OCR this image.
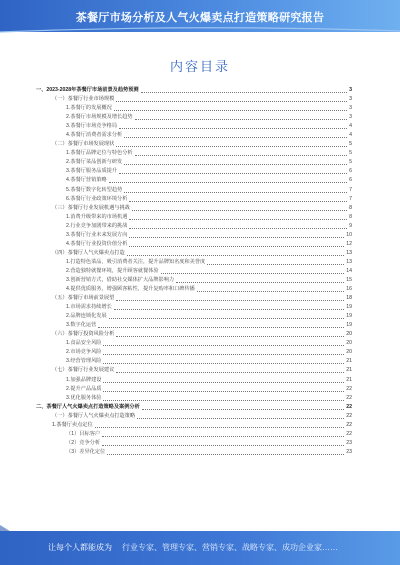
茶餐厅市场分析及人气火爆卖点打造策略研究报告
内容目录
一、2023-2028年茶餐厅市场前景及趋势预测	3
（一）茶餐厅行业市场规模	3
1.茶餐厅的发展概况	3
2.茶餐厅市场规模及增长趋势	3
3.茶餐厅市场竞争格局	4
4.茶餐厅消费者需求分析	4
（二）茶餐厅市场发展现状	5
1.茶餐厅品牌定位与特色分析	5
2.茶餐厅菜品创新与研发	5
3.茶餐厅服务品质提升	6
4.茶餐厅营销策略	6
5.茶餐厅数字化转型趋势	7
6.茶餐厅行业政策环境分析	7
（三）茶餐厅行业发展机遇与挑战	8
1.消费升级带来的市场机遇	8
2.行业竞争加剧带来的挑战	9
3.茶餐厅行业未来发展方向	10
4.茶餐厅行业投资价值分析	12
（四）茶餐厅人气火爆卖点打造	13
1.打造特色菜品，吸引消费者关注，提升品牌知名度和美誉度	13
2.营造独特就餐环境，提升顾客就餐体验	14
3.创新营销方式，借助社交媒体扩大品牌影响力	15
4.提供优质服务，增强顾客粘性，提升复购率和口碑传播	16
（五）茶餐厅市场前景展望	18
1.市场需求持续增长	19
2.品牌连锁化发展	19
3.数字化运营	19
（六）茶餐厅投资风险分析	20
1.食品安全风险	20
2.市场竞争风险	20
3.经营管理风险	21
（七）茶餐厅行业发展建议	21
1.加强品牌建设	21
2.提升产品品质	22
3.优化服务体验	22
二、茶餐厅人气火爆卖点打造策略及案例分析	22
（一）茶餐厅人气火爆卖点打造策略	22
1.茶餐厅卖点定位	22
（1）目标客户	22
（2）竞争分析	23
（3）差异化定位	23
让每个人都能成为 行业专家、管理专家、营销专家、战略专家、成功企业家……
